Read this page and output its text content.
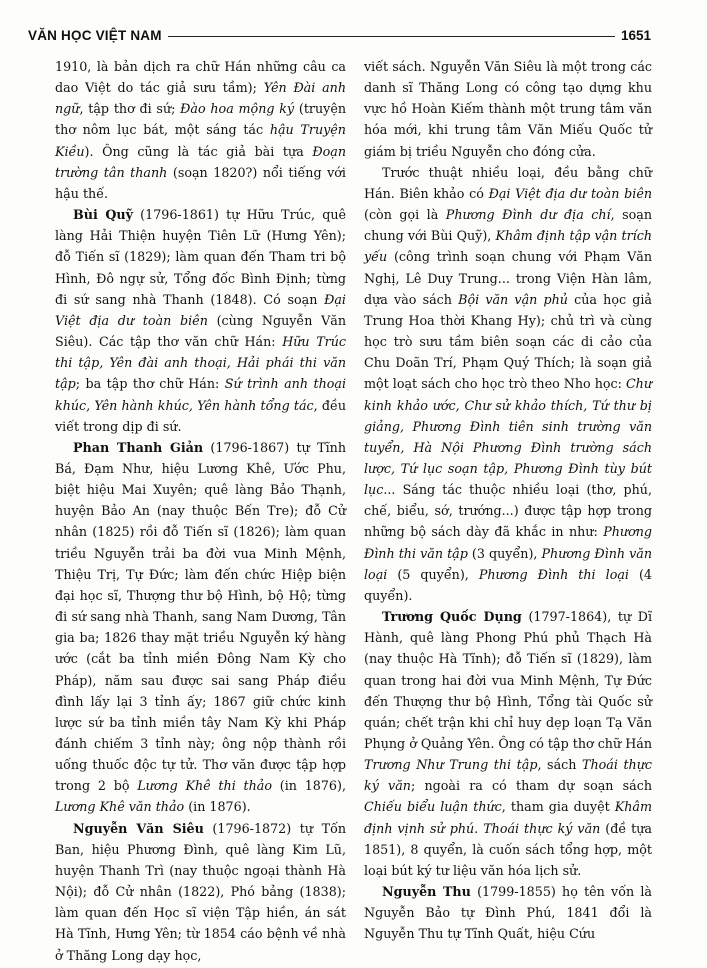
VĂN HỌC VIỆT NAM	1651

1910, là bản dịch ra chữ Hán những câu ca dao Việt do tác giả sưu tầm); Yên Đài anh ngữ, tập thơ đi sứ; Đào hoa mộng ký (truyện thơ nôm lục bát, một sáng tác hậu Truyện Kiều). Ông cũng là tác giả bài tựa Đoạn trường tân thanh (soạn 1820?) nổi tiếng với hậu thế.

Bùi Quỹ (1796-1861) tự Hữu Trúc, quê làng Hải Thiện huyện Tiên Lữ (Hưng Yên); đỗ Tiến sĩ (1829); làm quan đến Tham tri bộ Hình, Đô ngự sử, Tổng đốc Bình Định; từng đi sứ sang nhà Thanh (1848). Có soạn Đại Việt địa dư toàn biên (cùng Nguyễn Văn Siêu). Các tập thơ văn chữ Hán: Hữu Trúc thi tập, Yên đài anh thoại, Hải phái thi văn tập; ba tập thơ chữ Hán: Sứ trình anh thoại khúc, Yên hành khúc, Yên hành tổng tác, đều viết trong dịp đi sứ.

Phan Thanh Giản (1796-1867) tự Tĩnh Bá, Đạm Như, hiệu Lương Khê, Ước Phu, biệt hiệu Mai Xuyên; quê làng Bảo Thạnh, huyện Bảo An (nay thuộc Bến Tre); đỗ Cử nhân (1825) rồi đỗ Tiến sĩ (1826); làm quan triều Nguyễn trải ba đời vua Minh Mệnh, Thiệu Trị, Tự Đức; làm đến chức Hiệp biện đại học sĩ, Thượng thư bộ Hình, bộ Hộ; từng đi sứ sang nhà Thanh, sang Nam Dương, Tân gia ba; 1826 thay mặt triều Nguyễn ký hàng ước (cắt ba tỉnh miền Đông Nam Kỳ cho Pháp), năm sau được sai sang Pháp điều đình lấy lại 3 tỉnh ấy; 1867 giữ chức kinh lược sứ ba tỉnh miền tây Nam Kỳ khi Pháp đánh chiếm 3 tỉnh này; ông nộp thành rồi uống thuốc độc tự tử. Thơ văn được tập hợp trong 2 bộ Lương Khê thi thảo (in 1876), Lương Khê văn thảo (in 1876).

Nguyễn Văn Siêu (1796-1872) tự Tốn Ban, hiệu Phương Đình, quê làng Kim Lũ, huyện Thanh Trì (nay thuộc ngoại thành Hà Nội); đỗ Cử nhân (1822), Phó bảng (1838); làm quan đến Học sĩ viện Tập hiền, án sát Hà Tĩnh, Hưng Yên; từ 1854 cáo bệnh về nhà ở Thăng Long dạy học,

viết sách. Nguyễn Văn Siêu là một trong các danh sĩ Thăng Long có công tạo dựng khu vực hồ Hoàn Kiếm thành một trung tâm văn hóa mới, khi trung tâm Văn Miếu Quốc tử giám bị triều Nguyễn cho đóng cửa.

Trước thuật nhiều loại, đều bằng chữ Hán. Biên khảo có Đại Việt địa dư toàn biên (còn gọi là Phương Đình dư địa chí, soạn chung với Bùi Quỹ), Khâm định tập vận trích yếu (công trình soạn chung với Phạm Văn Nghị, Lê Duy Trung... trong Viện Hàn lâm, dựa vào sách Bội văn vận phủ của học giả Trung Hoa thời Khang Hy); chủ trì và cùng học trò sưu tầm biên soạn các di cảo của Chu Doãn Trí, Phạm Quý Thích; là soạn giả một loạt sách cho học trò theo Nho học: Chư kinh khảo ước, Chư sử khảo thích, Tứ thư bị giảng, Phương Đình tiên sinh trường văn tuyển, Hà Nội Phương Đình trường sách lược, Tứ lục soạn tập, Phương Đình tùy bút lục... Sáng tác thuộc nhiều loại (thơ, phú, chế, biểu, sớ, trướng...) được tập hợp trong những bộ sách dày đã khắc in như: Phương Đình thi văn tập (3 quyển), Phương Đình văn loại (5 quyển), Phương Đình thi loại (4 quyển).

Trương Quốc Dụng (1797-1864), tự Dĩ Hành, quê làng Phong Phú phủ Thạch Hà (nay thuộc Hà Tĩnh); đỗ Tiến sĩ (1829), làm quan trong hai đời vua Minh Mệnh, Tự Đức đến Thượng thư bộ Hình, Tổng tài Quốc sử quán; chết trận khi chỉ huy dẹp loạn Tạ Văn Phụng ở Quảng Yên. Ông có tập thơ chữ Hán Trương Như Trung thi tập, sách Thoái thực ký văn; ngoài ra có tham dự soạn sách Chiếu biểu luận thức, tham gia duyệt Khâm định vịnh sử phú. Thoái thực ký văn (đề tựa 1851), 8 quyển, là cuốn sách tổng hợp, một loại bút ký tư liệu văn hóa lịch sử.

Nguyễn Thu (1799-1855) họ tên vốn là Nguyễn Bảo tự Đình Phú, 1841 đổi là Nguyễn Thu tự Tĩnh Quất, hiệu Cứu
